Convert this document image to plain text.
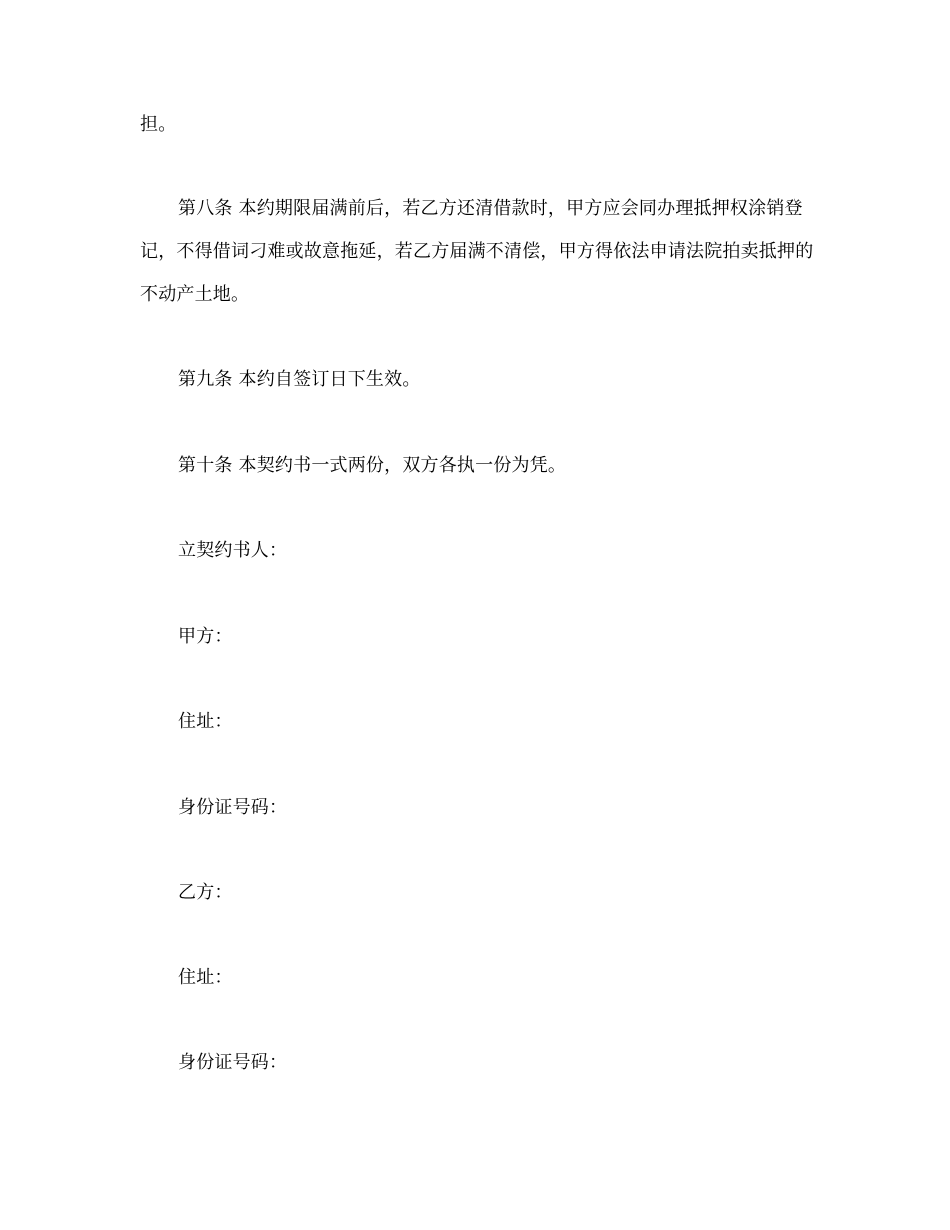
担。
第八条 本约期限届满前后，若乙方还清借款时，甲方应会同办理抵押权涂销登
记，不得借词刁难或故意拖延，若乙方届满不清偿，甲方得依法申请法院拍卖抵押的
不动产土地。
第九条 本约自签订日下生效。
第十条 本契约书一式两份，双方各执一份为凭。
立契约书人：
甲方：
住址：
身份证号码：
乙方：
住址：
身份证号码：
